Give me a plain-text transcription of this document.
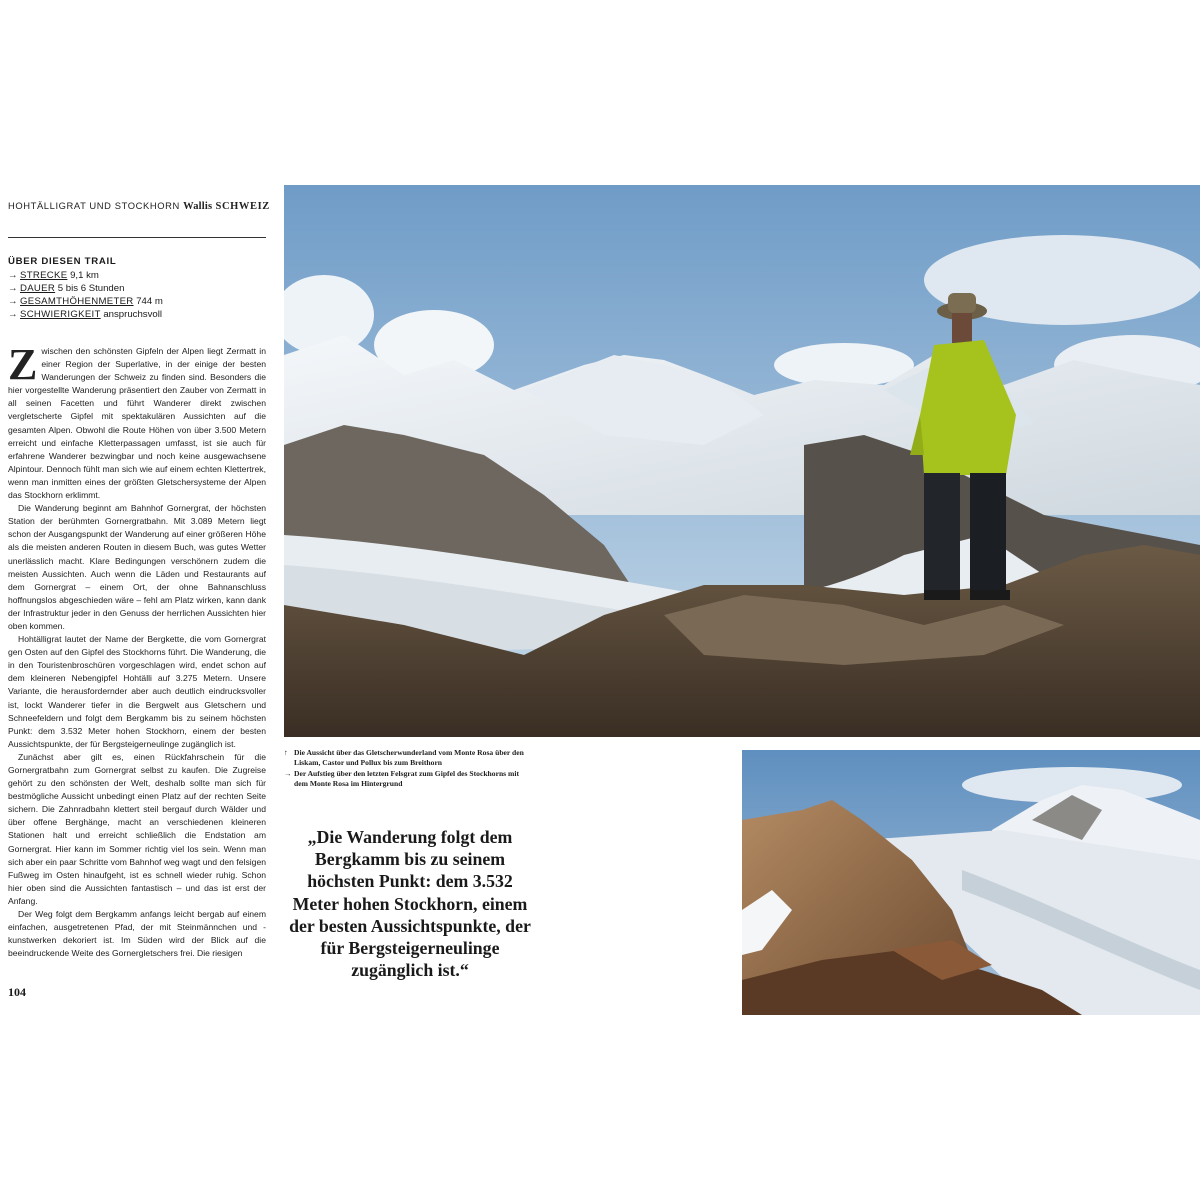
HOHTÄLLIGRAT UND STOCKHORN Wallis SCHWEIZ
ÜBER DIESEN TRAIL
→ STRECKE 9,1 km
→ DAUER 5 bis 6 Stunden
→ GESAMTHÖHENMETER 744 m
→ SCHWIERIGKEIT anspruchsvoll

Zwischen den schönsten Gipfeln der Alpen liegt Zermatt in einer Region der Superlative, in der einige der besten Wanderungen der Schweiz zu finden sind. Besonders die hier vorgestellte Wanderung präsentiert den Zauber von Zermatt in all seinen Facetten und führt Wanderer direkt zwischen vergletscherte Gipfel mit spektakulären Aussichten auf die gesamten Alpen. Obwohl die Route Höhen von über 3.500 Metern erreicht und einfache Kletterpassagen umfasst, ist sie auch für erfahrene Wanderer bezwingbar und noch keine ausgewachsene Alpintour. Dennoch fühlt man sich wie auf einem echten Klettertrek, wenn man inmitten eines der größten Gletschersysteme der Alpen das Stockhorn erklimmt.

Die Wanderung beginnt am Bahnhof Gornergrat, der höchsten Station der berühmten Gornergratbahn. Mit 3.089 Metern liegt schon der Ausgangspunkt der Wanderung auf einer größeren Höhe als die meisten anderen Routen in diesem Buch, was gutes Wetter unerlässlich macht. Klare Bedingungen verschönern zudem die meisten Aussichten. Auch wenn die Läden und Restaurants auf dem Gornergrat – einem Ort, der ohne Bahnanschluss hoffnungslos abgeschieden wäre – fehl am Platz wirken, kann dank der Infrastruktur jeder in den Genuss der herrlichen Aussichten hier oben kommen.

Hohtälligrat lautet der Name der Bergkette, die vom Gornergrat gen Osten auf den Gipfel des Stockhorns führt. Die Wanderung, die in den Touristenbroschüren vorgeschlagen wird, endet schon auf dem kleineren Nebengipfel Hohtälli auf 3.275 Metern. Unsere Variante, die herausfordernder aber auch deutlich eindrucksvoller ist, lockt Wanderer tiefer in die Bergwelt aus Gletschern und Schneefeldern und folgt dem Bergkamm bis zu seinem höchsten Punkt: dem 3.532 Meter hohen Stockhorn, einem der besten Aussichtspunkte, der für Bergsteigerneulinge zugänglich ist.

Zunächst aber gilt es, einen Rückfahrschein für die Gornergratbahn zum Gornergrat selbst zu kaufen. Die Zugreise gehört zu den schönsten der Welt, deshalb sollte man sich für bestmögliche Aussicht unbedingt einen Platz auf der rechten Seite sichern. Die Zahnradbahn klettert steil bergauf durch Wälder und über offene Berghänge, macht an verschiedenen kleineren Stationen halt und erreicht schließlich die Endstation am Gornergrat. Hier kann im Sommer richtig viel los sein. Wenn man sich aber ein paar Schritte vom Bahnhof weg wagt und den felsigen Fußweg im Osten hinaufgeht, ist es schnell wieder ruhig. Schon hier oben sind die Aussichten fantastisch – und das ist erst der Anfang.

Der Weg folgt dem Bergkamm anfangs leicht bergab auf einem einfachen, ausgetretenen Pfad, der mit Steinmännchen und -kunstwerken dekoriert ist. Im Süden wird der Blick auf die beeindruckende Weite des Gornergletschers frei. Die riesigen

104
↑ Die Aussicht über das Gletscherwunderland vom Monte Rosa über den Liskam, Castor und Pollux bis zum Breithorn
→ Der Aufstieg über den letzten Felsgrat zum Gipfel des Stockhorns mit dem Monte Rosa im Hintergrund
„Die Wanderung folgt dem Bergkamm bis zu seinem höchsten Punkt: dem 3.532 Meter hohen Stockhorn, einem der besten Aussichtspunkte, der für Bergsteigerneulinge zugänglich ist.“
